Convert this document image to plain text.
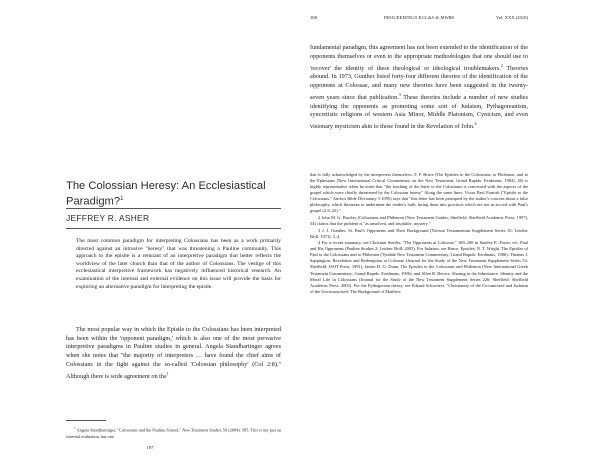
The Colossian Heresy: An Ecclesiastical Paradigm?$^1$

JEFFREY R. ASHER

The most common paradigm for interpreting Colossians has been as a work primarily directed against an intrusive "heresy" that was threatening a Pauline community. This approach to the epistle is a remnant of an interpretive paradigm that better reflects the worldview of the later church than that of the author of Colossians. The vestige of this ecclesiastical interpretive framework has negatively influenced historical research. An examination of the internal and external evidence on this issue will provide the basis for exploring an alternative paradigm for interpreting the epistle.

The most popular way in which the Epistle to the Colossians has been interpreted has been within the 'opponent paradigm,' which is also one of the most pervasive interpretive paradigms in Pauline studies in general. Angela Standhartinger agrees when she notes that "the majority of interpreters … have found the chief aims of Colossians in the fight against the so-called 'Colossian philosophy' (Col 2:8)." Although there is wide agreement on the$^1$

$^1$ Angela Standhartinger, "Colossians and the Pauline School," New Testament Studies 50 (2004): 585. This is not just an external evaluation, but one

107

108	PROCEEDINGS EGL&S & MWBS	Vol. XXX (2010)

fundamental paradigm, this agreement has not been extended to the identification of the opponents themselves or even to the appropriate methodologies that one should use to 'recover' the identity of these theological or ideological troublemakers.$^2$ Theories abound. In 1973, Gunther listed forty-four different theories of the identification of the opponents at Colossae, and many new theories have been suggested in the twenty-seven years since that publication.$^3$ These theories include a number of new studies identifying the opponents as promoting some sort of Judaism, Pythagoreanism, syncretistic religions of western Asia Minor, Middle Platonism, Cynicism, and even visionary mysticism akin to those found in the Revelation of John.$^4$

that is fully acknowledged by the interpreters themselves. F. F. Bruce (The Epistles to the Colossians, to Philemon, and to the Ephesians [New International Critical Commentary on the New Testament; Grand Rapids: Eerdmans, 1984], 26) is highly representative when he notes that "the teaching of the letter to the Colossians is concerned with the aspects of the gospel which were chiefly threatened by the Colossian heresy" Along the same lines, Victor Paul Furnish ("Epistle to the Colossians," Anchor Bible Dictionary 1:1095) says that "this letter has been prompted by the author's concern about a false philosophy, which threatens to undermine the reader's faith, luring them into practices which are not in accord with Paul's gospel (2:8–23)."

2 John M. G. Barclay (Colossians and Philemon [New Testament Guides; Sheffield: Sheffield Academic Press, 1997], 54) claims that the problem is "as unsolved, and insoluble, mystery."

3 J. J. Gunther, St. Paul's Opponents and Their Background (Novum Testamentum Supplement Series 35; Leiden: Brill, 1973), 3–4.

4 For a recent summary, see Christian Stettler, "The Opponents at Colossae," 169–200 in Stanley E. Porter, ed., Paul and His Opponents (Pauline Studies 2; Leiden: Brill, 2005). For Judaism, see Bruce, Epistles; N. T. Wright, The Epistles of Paul to the Colossians and to Philemon (Tyndale New Testament Commentary; Grand Rapids: Eerdmans, 1986); Thomas J. Sappington, Revelation and Redemption at Colossae (Journal for the Study of the New Testament Supplement Series 53; Sheffield: JSOT Press, 1991); James D. G. Dunn, The Epistles to the Colossians and Philemon (New International Greek Testament Commentary; Grand Rapids: Eerdmans, 1996); and Allen R. Bevere, Sharing in the Inheritance: Identity and the Moral Life in Colossians (Journal for the Study of the New Testament Supplement Series 226; Sheffield: Sheffield Academic Press, 2003). For the Pythagorean theory, see Eduard Schweizer, "Christianity of the Circumcised and Judaism of the Uncircumcised: The Background of Matthew
